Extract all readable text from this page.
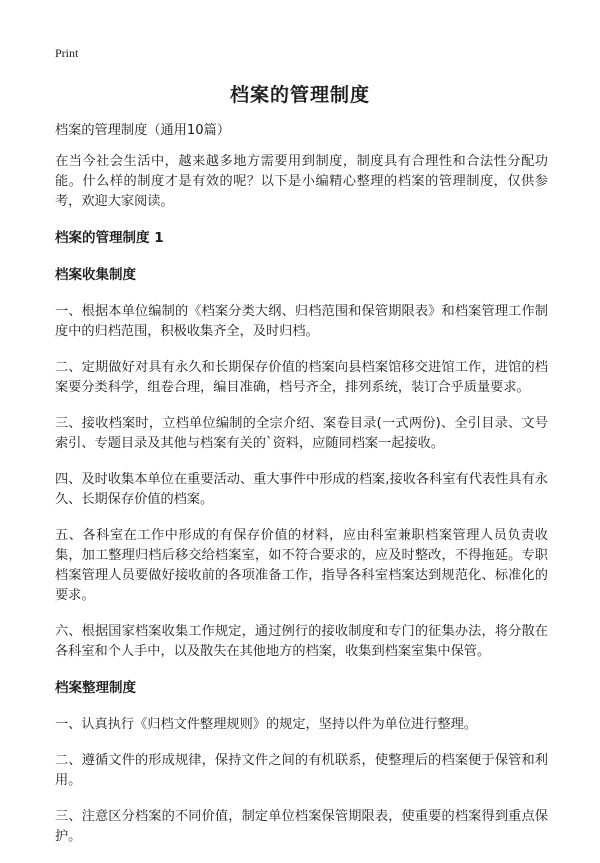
Print
档案的管理制度

档案的管理制度（通用10篇）

在当今社会生活中，越来越多地方需要用到制度，制度具有合理性和合法性分配功能。什么样的制度才是有效的呢？以下是小编精心整理的档案的管理制度，仅供参考，欢迎大家阅读。

档案的管理制度 1
档案收集制度

一、根据本单位编制的《档案分类大纲、归档范围和保管期限表》和档案管理工作制度中的归档范围，积极收集齐全，及时归档。

二、定期做好对具有永久和长期保存价值的档案向县档案馆移交进馆工作，进馆的档案要分类科学，组卷合理，编目准确，档号齐全，排列系统，装订合乎质量要求。

三、接收档案时，立档单位编制的全宗介绍、案卷目录(一式两份)、全引目录、文号索引、专题目录及其他与档案有关的`资料，应随同档案一起接收。

四、及时收集本单位在重要活动、重大事件中形成的档案,接收各科室有代表性具有永久、长期保存价值的档案。

五、各科室在工作中形成的有保存价值的材料，应由科室兼职档案管理人员负责收集，加工整理归档后移交给档案室，如不符合要求的，应及时整改，不得拖延。专职档案管理人员要做好接收前的各项准备工作，指导各科室档案达到规范化、标准化的要求。

六、根据国家档案收集工作规定，通过例行的接收制度和专门的征集办法，将分散在各科室和个人手中，以及散失在其他地方的档案，收集到档案室集中保管。

档案整理制度

一、认真执行《归档文件整理规则》的规定，坚持以件为单位进行整理。

二、遵循文件的形成规律，保持文件之间的有机联系，使整理后的档案便于保管和利用。

三、注意区分档案的不同价值，制定单位档案保管期限表，使重要的档案得到重点保护。
